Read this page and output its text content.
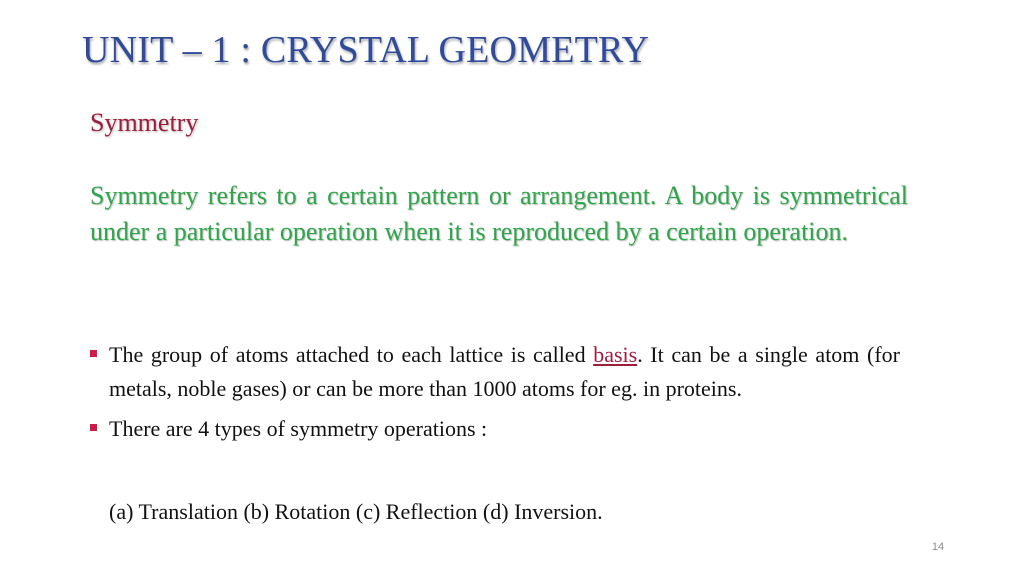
UNIT – 1 : CRYSTAL GEOMETRY
Symmetry

Symmetry refers to a certain pattern or arrangement. A body is symmetrical under a particular operation when it is reproduced by a certain operation.

The group of atoms attached to each lattice is called basis. It can be a single atom (for metals, noble gases) or can be more than 1000 atoms for eg. in proteins.
There are 4 types of symmetry operations :

(a) Translation (b) Rotation (c) Reflection (d) Inversion.

14
